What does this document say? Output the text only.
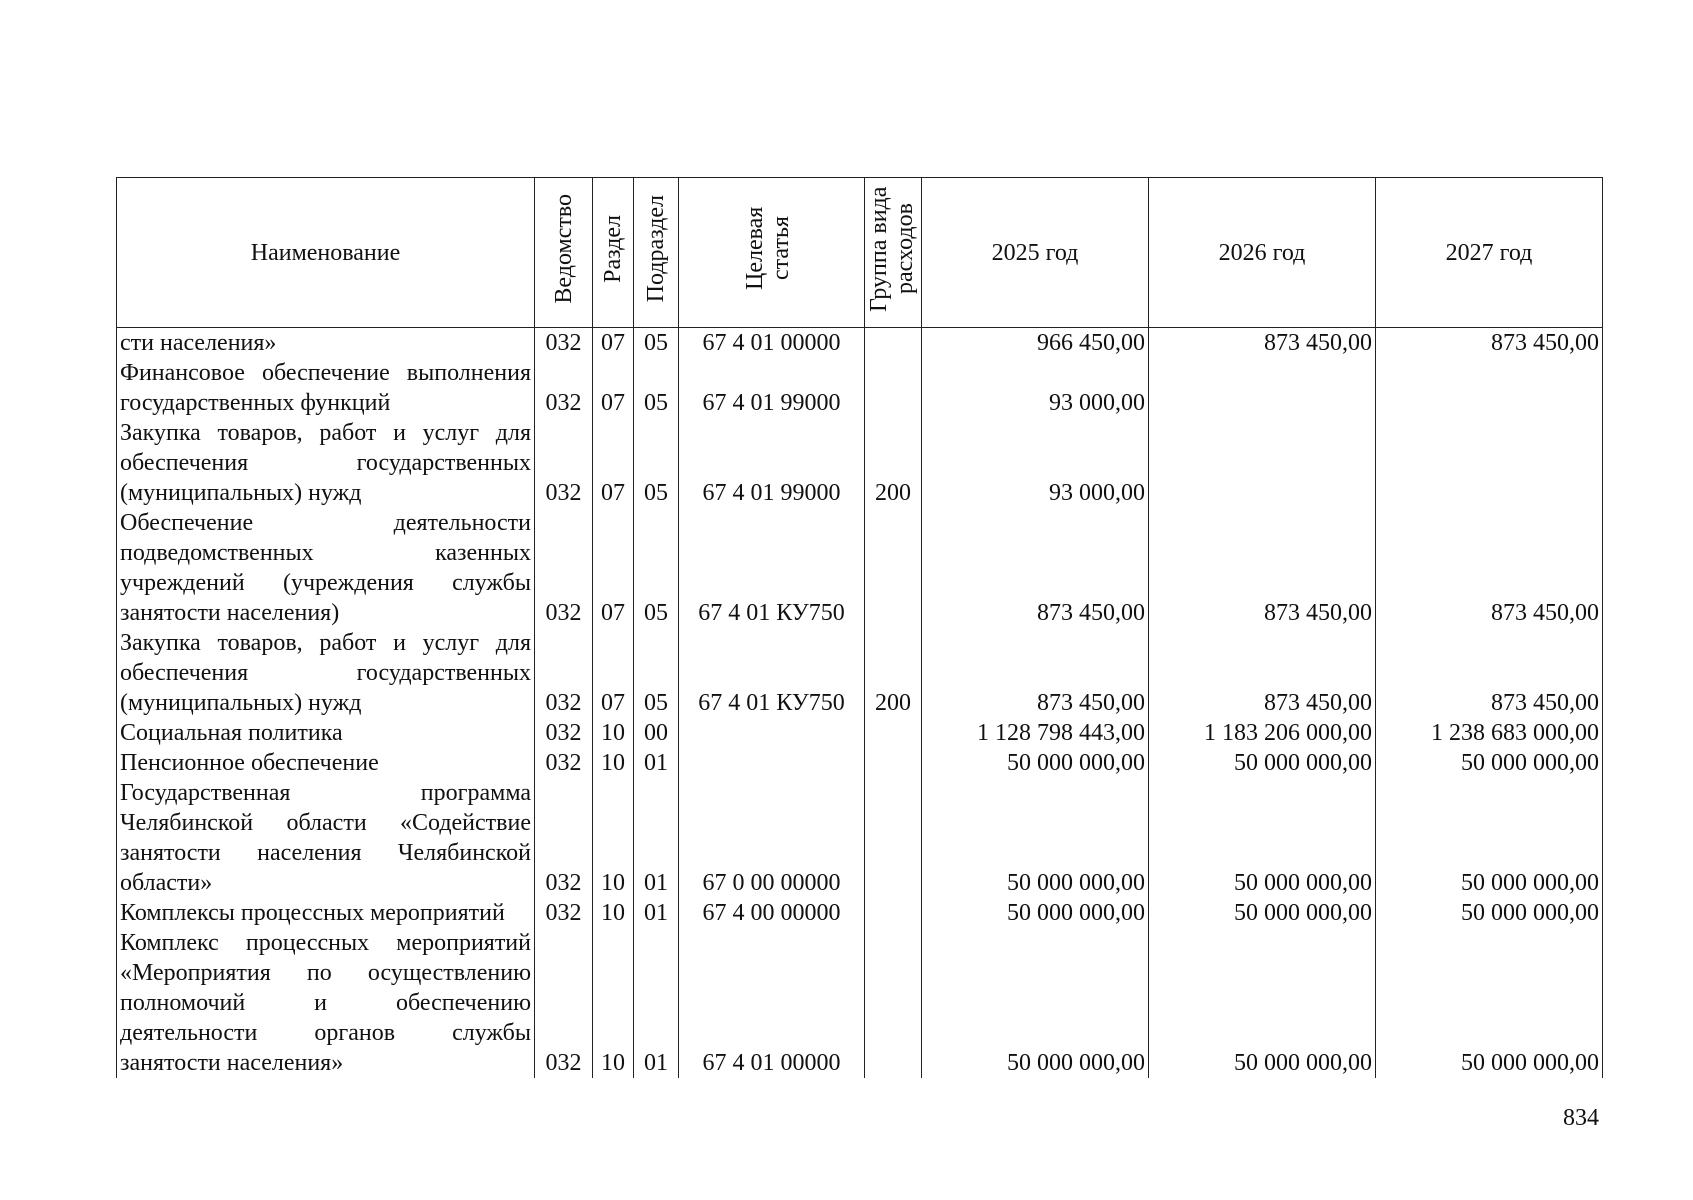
Наименование	Ведомство	Раздел	Подраздел	Целевая статья	Группа вида расходов	2025 год	2026 год	2027 год
сти населения»	032	07	05	67 4 01 00000		966 450,00	873 450,00	873 450,00
Финансовое обеспечение выполнения государственных функций	032	07	05	67 4 01 99000		93 000,00		
Закупка товаров, работ и услуг для обеспечения государственных (муниципальных) нужд	032	07	05	67 4 01 99000	200	93 000,00		
Обеспечение деятельности подведомственных казенных учреждений (учреждения службы занятости населения)	032	07	05	67 4 01 КУ750		873 450,00	873 450,00	873 450,00
Закупка товаров, работ и услуг для обеспечения государственных (муниципальных) нужд	032	07	05	67 4 01 КУ750	200	873 450,00	873 450,00	873 450,00
Социальная политика	032	10	00			1 128 798 443,00	1 183 206 000,00	1 238 683 000,00
Пенсионное обеспечение	032	10	01			50 000 000,00	50 000 000,00	50 000 000,00
Государственная программа Челябинской области «Содействие занятости населения Челябинской области»	032	10	01	67 0 00 00000		50 000 000,00	50 000 000,00	50 000 000,00
Комплексы процессных мероприятий	032	10	01	67 4 00 00000		50 000 000,00	50 000 000,00	50 000 000,00
Комплекс процессных мероприятий «Мероприятия по осуществлению полномочий и обеспечению деятельности органов службы занятости населения»	032	10	01	67 4 01 00000		50 000 000,00	50 000 000,00	50 000 000,00
834
